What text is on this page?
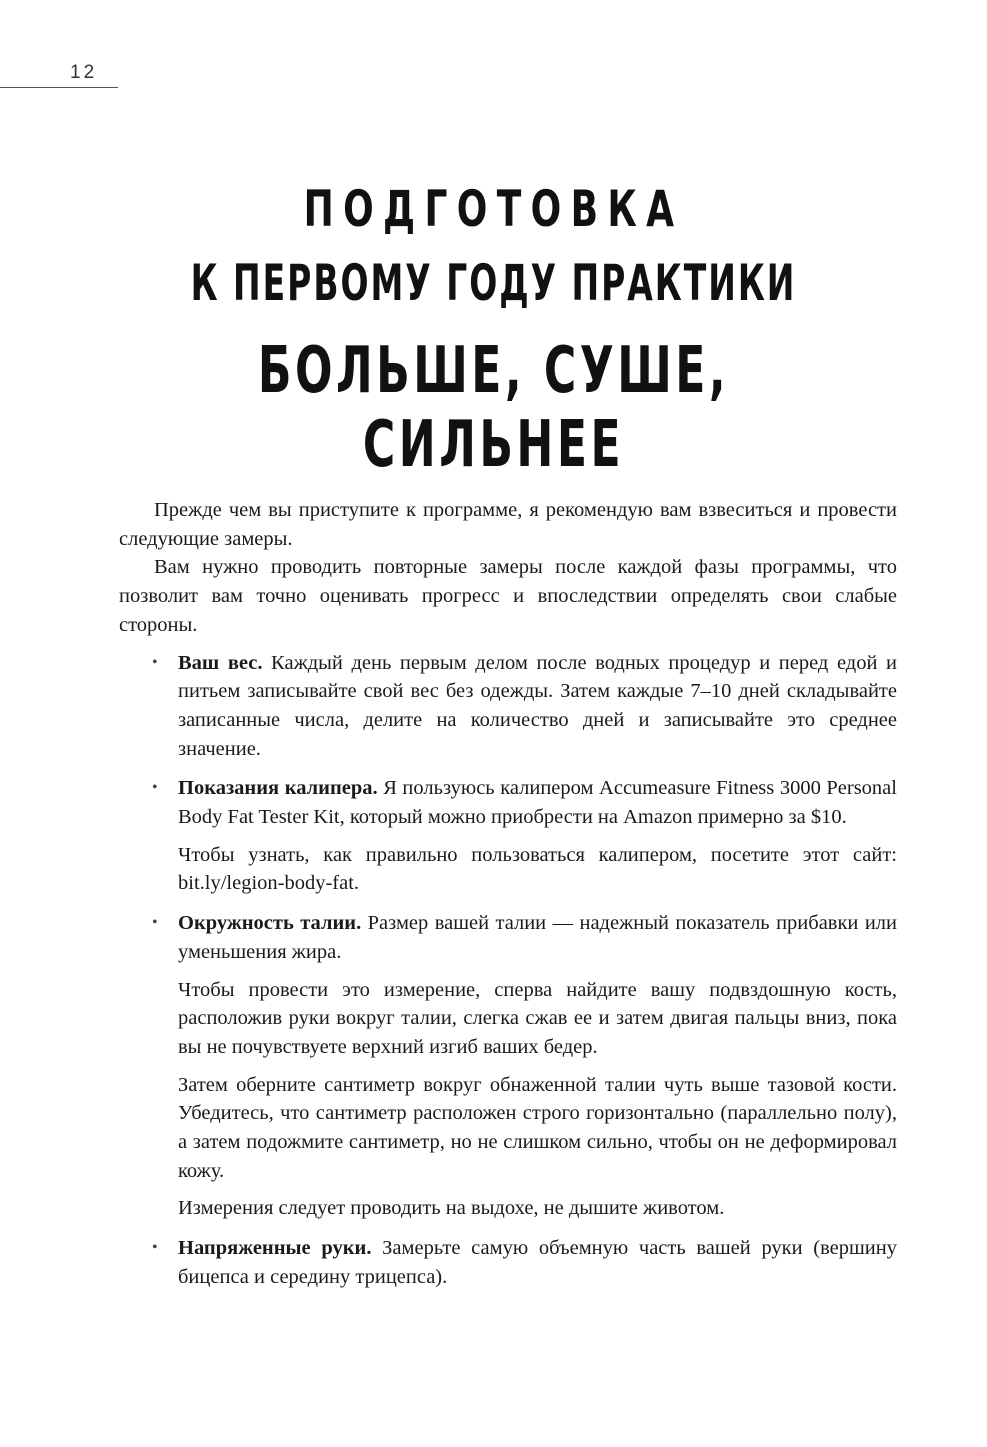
12
ПОДГОТОВКА
К ПЕРВОМУ ГОДУ ПРАКТИКИ
БОЛЬШЕ, СУШЕ, СИЛЬНЕЕ

Прежде чем вы приступите к программе, я рекомендую вам взвеситься и провести следующие замеры.

Вам нужно проводить повторные замеры после каждой фазы программы, что позволит вам точно оценивать прогресс и впоследствии определять свои слабые стороны.

• Ваш вес. Каждый день первым делом после водных процедур и перед едой и питьем записывайте свой вес без одежды. Затем каждые 7–10 дней складывайте записанные числа, делите на количество дней и записывайте это среднее значение.

• Показания калипера. Я пользуюсь калипером Accumeasure Fitness 3000 Personal Body Fat Tester Kit, который можно приобрести на Amazon примерно за $10.

Чтобы узнать, как правильно пользоваться калипером, посетите этот сайт: bit.ly/legion-body-fat.

• Окружность талии. Размер вашей талии — надежный показатель прибавки или уменьшения жира.

Чтобы провести это измерение, сперва найдите вашу подвздошную кость, расположив руки вокруг талии, слегка сжав ее и затем двигая пальцы вниз, пока вы не почувствуете верхний изгиб ваших бедер.

Затем оберните сантиметр вокруг обнаженной талии чуть выше тазовой кости. Убедитесь, что сантиметр расположен строго горизонтально (параллельно полу), а затем подожмите сантиметр, но не слишком сильно, чтобы он не деформировал кожу.

Измерения следует проводить на выдохе, не дышите животом.

• Напряженные руки. Замерьте самую объемную часть вашей руки (вершину бицепса и середину трицепса).
